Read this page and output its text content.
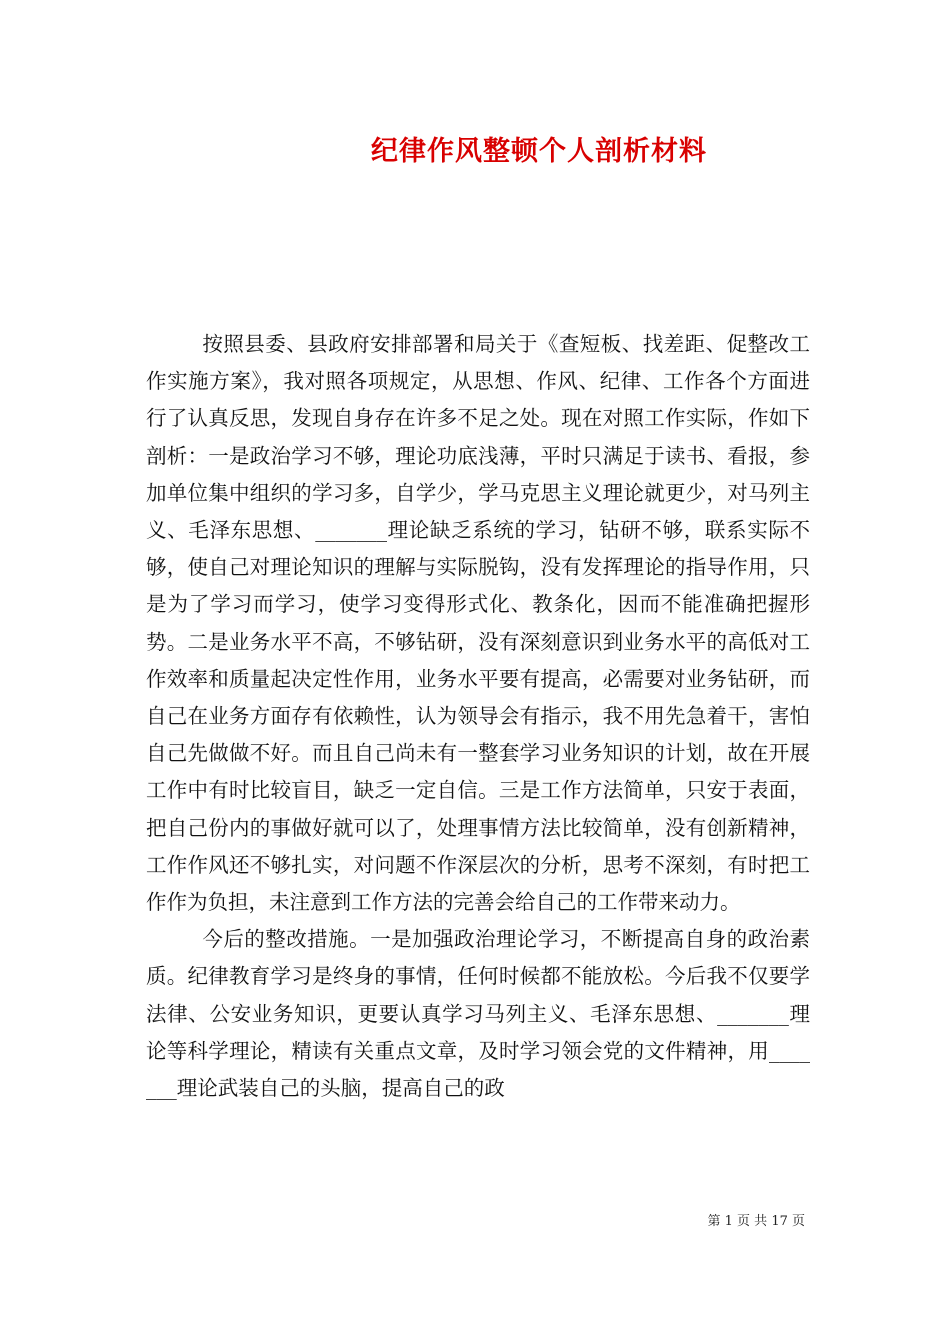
纪律作风整顿个人剖析材料

按照县委、县政府安排部署和局关于《查短板、找差距、促整改工作实施方案》，我对照各项规定，从思想、作风、纪律、工作各个方面进行了认真反思，发现自身存在许多不足之处。现在对照工作实际，作如下剖析：一是政治学习不够，理论功底浅薄，平时只满足于读书、看报，参加单位集中组织的学习多，自学少，学马克思主义理论就更少，对马列主义、毛泽东思想、_______理论缺乏系统的学习，钻研不够，联系实际不够，使自己对理论知识的理解与实际脱钩，没有发挥理论的指导作用，只是为了学习而学习，使学习变得形式化、教条化，因而不能准确把握形势。二是业务水平不高，不够钻研，没有深刻意识到业务水平的高低对工作效率和质量起决定性作用，业务水平要有提高，必需要对业务钻研，而自己在业务方面存有依赖性，认为领导会有指示，我不用先急着干，害怕自己先做做不好。而且自己尚未有一整套学习业务知识的计划，故在开展工作中有时比较盲目，缺乏一定自信。三是工作方法简单，只安于表面，把自己份内的事做好就可以了，处理事情方法比较简单，没有创新精神，工作作风还不够扎实，对问题不作深层次的分析，思考不深刻，有时把工作作为负担，未注意到工作方法的完善会给自己的工作带来动力。

今后的整改措施。一是加强政治理论学习，不断提高自身的政治素质。纪律教育学习是终身的事情，任何时候都不能放松。今后我不仅要学法律、公安业务知识，更要认真学习马列主义、毛泽东思想、_______理论等科学理论，精读有关重点文章，及时学习领会党的文件精神，用_______理论武装自己的头脑，提高自己的政

第 1 页 共 17 页
